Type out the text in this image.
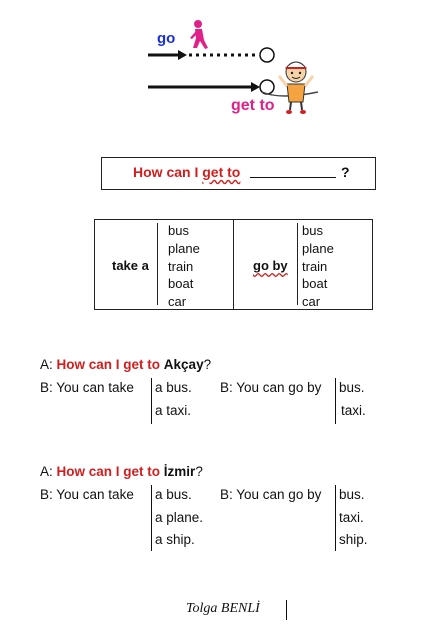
go
get to
How can I get to	?
take a
bus
plane
train
boat
car
go by
bus
plane
train
boat
car
A: How can I get to Akçay?
B: You can take a bus.
a taxi.
B: You can go by bus.
taxi.
A: How can I get to İzmir?
B: You can take a bus.
a plane.
a ship.
B: You can go by bus.
taxi.
ship.
Tolga BENLİ
